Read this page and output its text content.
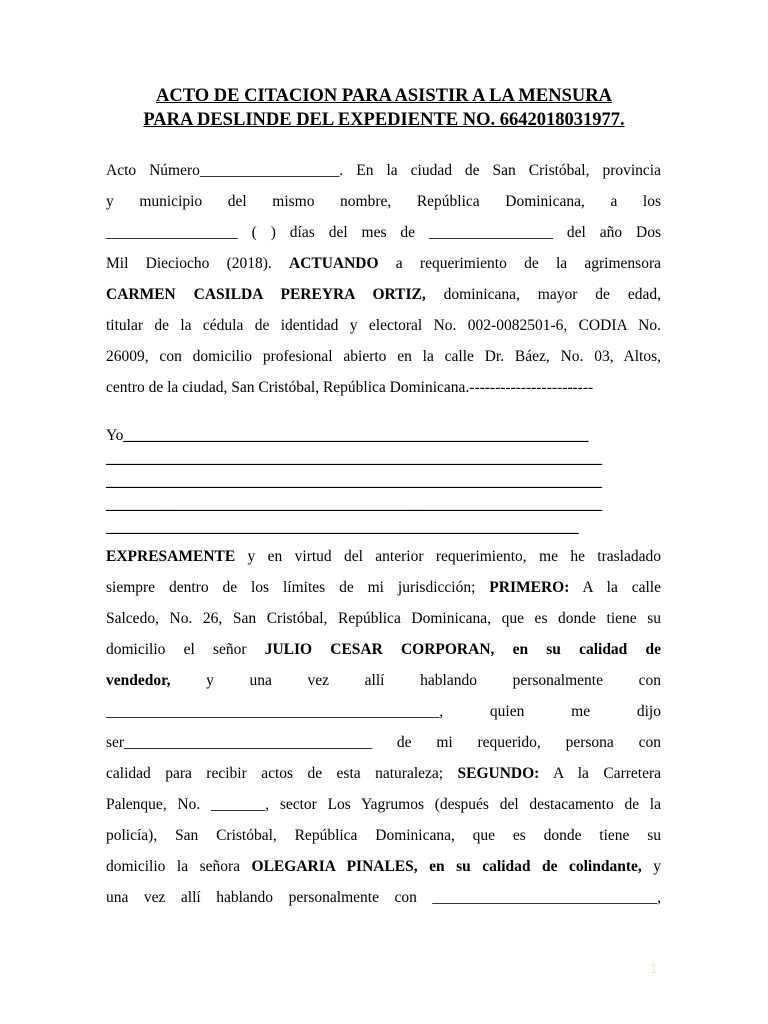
ACTO DE CITACION PARA ASISTIR A LA MENSURA
PARA DESLINDE DEL EXPEDIENTE NO. 6642018031977.
Acto Número__________________. En la ciudad de San Cristóbal, provincia
y municipio del mismo nombre, República Dominicana, a los
_________________ ( ) días del mes de ________________ del año Dos
Mil Dieciocho (2018). ACTUANDO a requerimiento de la agrimensora
CARMEN CASILDA PEREYRA ORTIZ, dominicana, mayor de edad,
titular de la cédula de identidad y electoral No. 002-0082501-6, CODIA No.
26009, con domicilio profesional abierto en la calle Dr. Báez, No. 03, Altos,
centro de la ciudad, San Cristóbal, República Dominicana.------------------------
Yo____________________________________________________________
________________________________________________________________
________________________________________________________________
________________________________________________________________
_____________________________________________________________
EXPRESAMENTE y en virtud del anterior requerimiento, me he trasladado
siempre dentro de los límites de mi jurisdicción; PRIMERO: A la calle
Salcedo, No. 26, San Cristóbal, República Dominicana, que es donde tiene su
domicilio el señor JULIO CESAR CORPORAN, en su calidad de
vendedor, y una vez allí hablando personalmente con
___________________________________________, quien me dijo
ser________________________________ de mi requerido, persona con
calidad para recibir actos de esta naturaleza; SEGUNDO: A la Carretera
Palenque, No. _______, sector Los Yagrumos (después del destacamento de la
policía), San Cristóbal, República Dominicana, que es donde tiene su
domicilio la señora OLEGARIA PINALES, en su calidad de colindante, y
una vez allí hablando personalmente con _____________________________,
1
